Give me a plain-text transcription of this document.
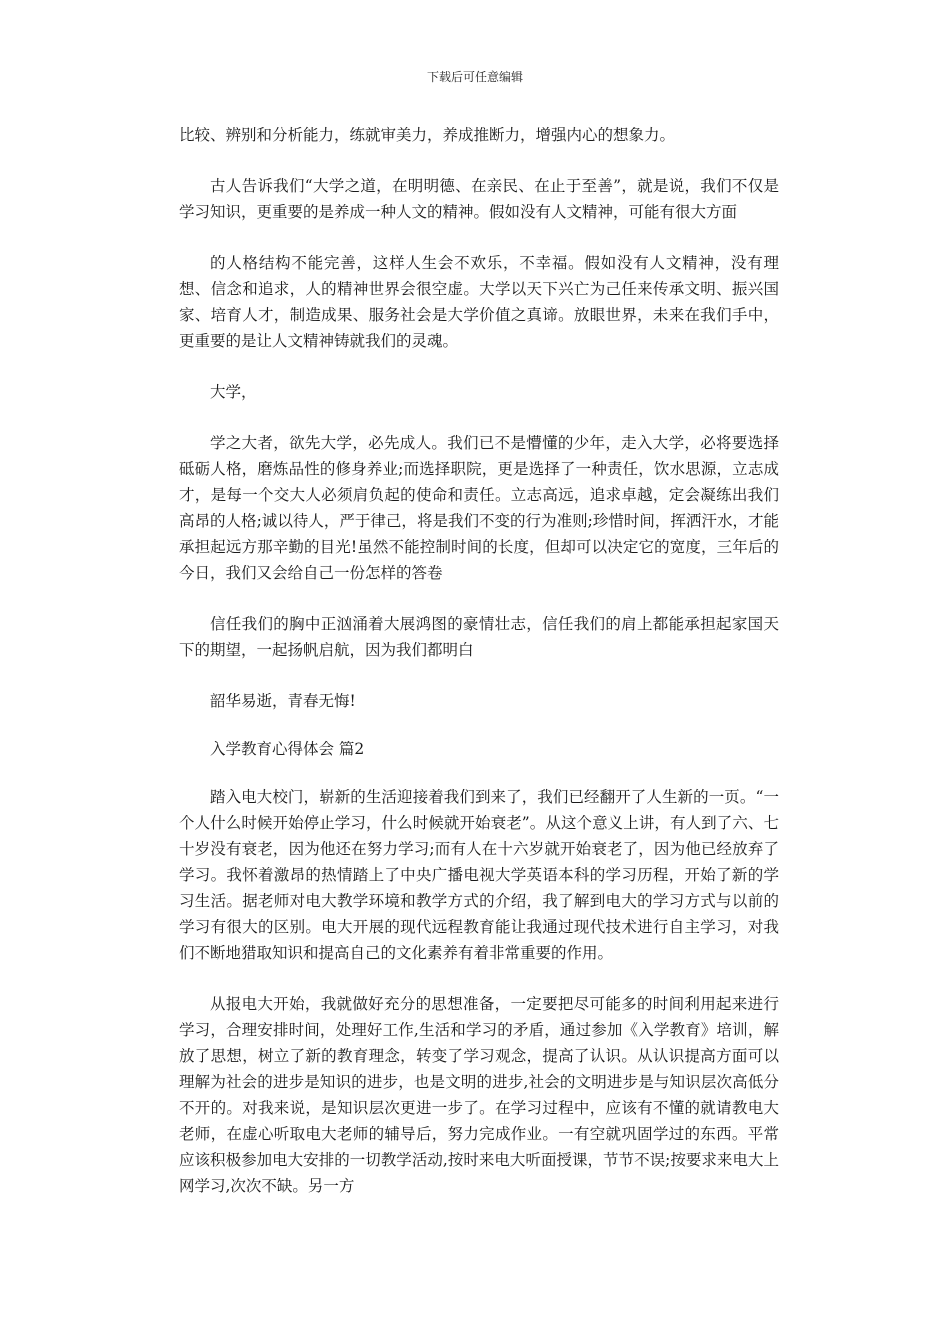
下载后可任意编辑

比较、辨别和分析能力，练就审美力，养成推断力，增强内心的想象力。

古人告诉我们“大学之道，在明明德、在亲民、在止于至善”，就是说，我们不仅是学习知识，更重要的是养成一种人文的精神。假如没有人文精神，可能有很大方面

的人格结构不能完善，这样人生会不欢乐，不幸福。假如没有人文精神，没有理想、信念和追求，人的精神世界会很空虚。大学以天下兴亡为己任来传承文明、振兴国家、培育人才，制造成果、服务社会是大学价值之真谛。放眼世界，未来在我们手中，更重要的是让人文精神铸就我们的灵魂。

大学，

学之大者，欲先大学，必先成人。我们已不是懵懂的少年，走入大学，必将要选择砥砺人格，磨炼品性的修身养业;而选择职院，更是选择了一种责任，饮水思源，立志成才，是每一个交大人必须肩负起的使命和责任。立志高远，追求卓越，定会凝练出我们高昂的人格;诚以待人，严于律己，将是我们不变的行为准则;珍惜时间，挥洒汗水，才能承担起远方那辛勤的目光!虽然不能控制时间的长度，但却可以决定它的宽度，三年后的今日，我们又会给自己一份怎样的答卷

信任我们的胸中正汹涌着大展鸿图的豪情壮志，信任我们的肩上都能承担起家国天下的期望，一起扬帆启航，因为我们都明白

韶华易逝，青春无悔!

入学教育心得体会 篇2

踏入电大校门，崭新的生活迎接着我们到来了，我们已经翻开了人生新的一页。“一个人什么时候开始停止学习，什么时候就开始衰老”。从这个意义上讲，有人到了六、七十岁没有衰老，因为他还在努力学习;而有人在十六岁就开始衰老了，因为他已经放弃了学习。我怀着激昂的热情踏上了中央广播电视大学英语本科的学习历程，开始了新的学习生活。据老师对电大教学环境和教学方式的介绍，我了解到电大的学习方式与以前的学习有很大的区别。电大开展的现代远程教育能让我通过现代技术进行自主学习，对我们不断地猎取知识和提高自己的文化素养有着非常重要的作用。

从报电大开始，我就做好充分的思想准备，一定要把尽可能多的时间利用起来进行学习，合理安排时间，处理好工作,生活和学习的矛盾，通过参加《入学教育》培训，解放了思想，树立了新的教育理念，转变了学习观念，提高了认识。从认识提高方面可以理解为社会的进步是知识的进步，也是文明的进步,社会的文明进步是与知识层次高低分不开的。对我来说，是知识层次更进一步了。在学习过程中，应该有不懂的就请教电大老师，在虚心听取电大老师的辅导后，努力完成作业。一有空就巩固学过的东西。平常应该积极参加电大安排的一切教学活动,按时来电大听面授课，节节不误;按要求来电大上网学习,次次不缺。另一方
